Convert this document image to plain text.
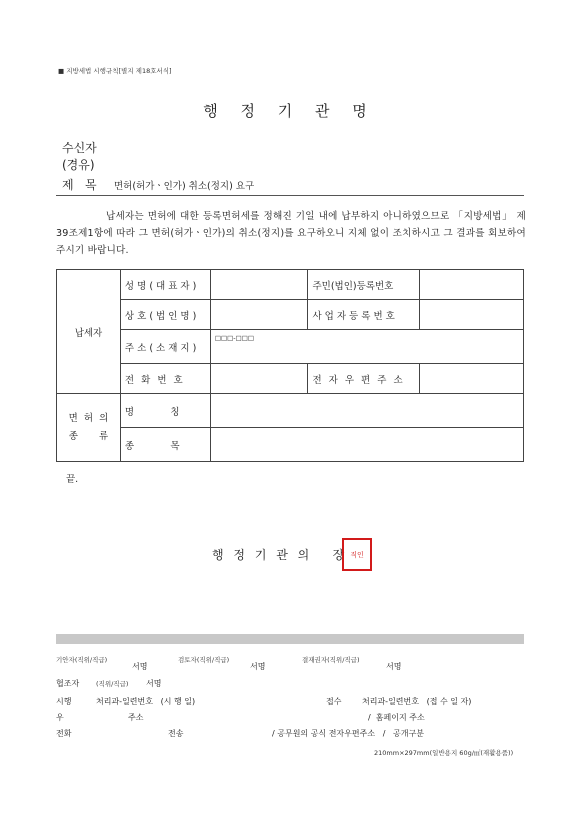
■ 지방세법 시행규칙[별지 제18호서식]
행 정 기 관 명
수신자
(경유)
제   목 면허(허가ㆍ인가) 취소(정지) 요구
납세자는 면허에 대한 등록면허세를 정해진 기일 내에 납부하지 아니하였으므로 「지방세법」 제39조제1항에 따라 그 면허(허가ㆍ인가)의 취소(정지)를 요구하오니 지체 없이 조치하시고 그 결과를 회보하여 주시기 바랍니다.
납세자	성 명 ( 대 표 자 )		주민(법인)등록번호	
	상 호 ( 법 인 명 )		사 업 자 등 록 번 호	
	주 소 ( 소 재 지 )	□□□-□□□		
	전 화 번 호		전 자 우 편 주 소	
면  허  의
종       류	명            칭			
	종            목			
끝.
행 정 기 관 의   장 직인
기안자(직위/직급)
서명
검토자(직위/직급)
서명
결재권자(직위/직급)
서명
협조자	(직위/직급) 서명
시행	처리과-일련번호   (시 행 일)	접수	처리과-일련번호   (접 수 일 자)
우	주소	/  홈페이지 주소
전화	전송	/ 공무원의 공식 전자우편주소   /   공개구분
210mm×297mm(일반용지 60g/㎡(재활용품))
